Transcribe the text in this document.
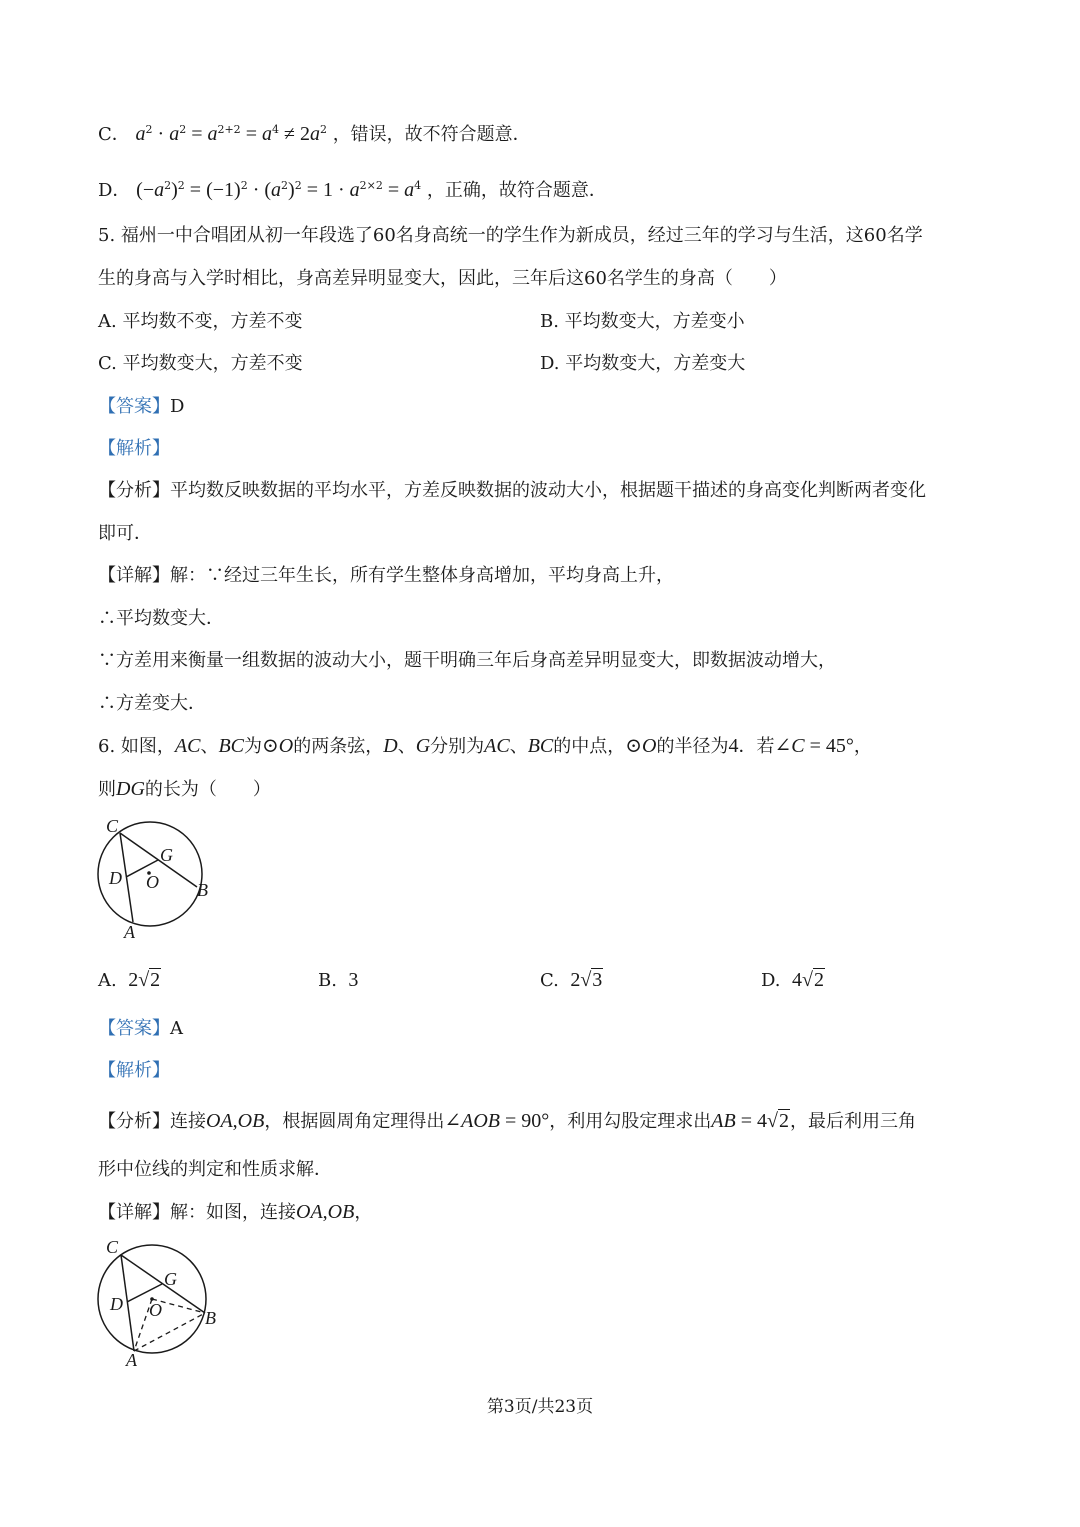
C． $a^2 \cdot a^2 = a^{2+2} = a^4 \ne 2a^2$ ，错误，故不符合题意．
D． $(-a^2)^2 = (-1)^2 \cdot (a^2)^2 = 1 \cdot a^{2\times 2} = a^4$ ，正确，故符合题意．
5. 福州一中合唱团从初一年段选了60名身高统一的学生作为新成员，经过三年的学习与生活，这60名学
生的身高与入学时相比，身高差异明显变大，因此，三年后这60名学生的身高（　　）
A. 平均数不变，方差不变	B. 平均数变大，方差变小
C. 平均数变大，方差不变	D. 平均数变大，方差变大
【答案】D
【解析】
【分析】平均数反映数据的平均水平，方差反映数据的波动大小，根据题干描述的身高变化判断两者变化
即可．
【详解】解：∵经过三年生长，所有学生整体身高增加，平均身高上升，
∴平均数变大．
∵方差用来衡量一组数据的波动大小，题干明确三年后身高差异明显变大，即数据波动增大，
∴方差变大．
6. 如图，AC、BC为⊙O的两条弦，D、G分别为AC、BC的中点，⊙O的半径为4．若∠C = 45°，
则DG的长为（　　）
C
G
D O B
A
A. 2√2	B. 3	C. 2√3	D. 4√2
【答案】A
【解析】
【分析】连接OA,OB，根据圆周角定理得出∠AOB = 90°，利用勾股定理求出AB = 4√2，最后利用三角
形中位线的判定和性质求解．
【详解】解：如图，连接OA,OB，
C
G
D O B
A
第3页/共23页
